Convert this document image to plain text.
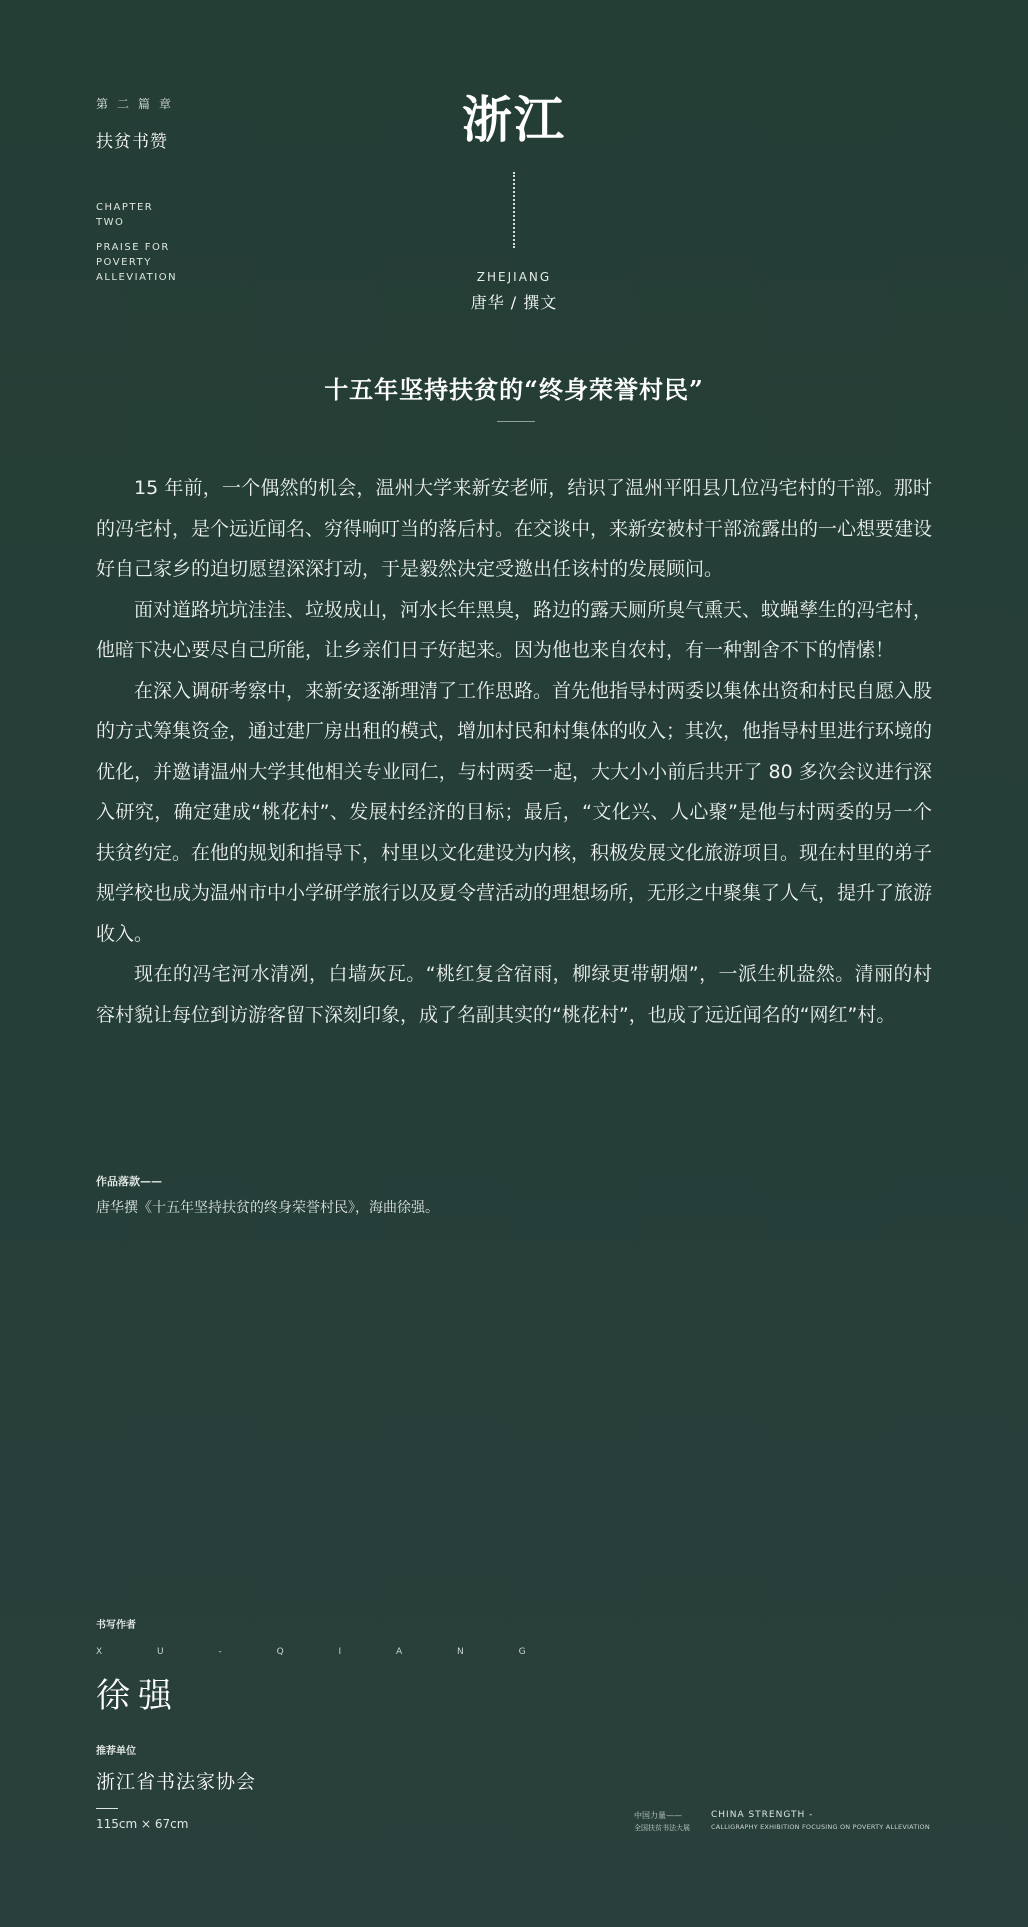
第二篇章
扶贫书赞
CHAPTER
TWO
PRAISE FOR
POVERTY
ALLEVIATION
浙江
ZHEJIANG
唐华 / 撰文
十五年坚持扶贫的“终身荣誉村民”

15 年前，一个偶然的机会，温州大学来新安老师，结识了温州平阳县几位冯宅村的干部。那时的冯宅村，是个远近闻名、穷得响叮当的落后村。在交谈中，来新安被村干部流露出的一心想要建设好自己家乡的迫切愿望深深打动，于是毅然决定受邀出任该村的发展顾问。

面对道路坑坑洼洼、垃圾成山，河水长年黑臭，路边的露天厕所臭气熏天、蚊蝇孳生的冯宅村，他暗下决心要尽自己所能，让乡亲们日子好起来。因为他也来自农村，有一种割舍不下的情愫！

在深入调研考察中，来新安逐渐理清了工作思路。首先他指导村两委以集体出资和村民自愿入股的方式筹集资金，通过建厂房出租的模式，增加村民和村集体的收入；其次，他指导村里进行环境的优化，并邀请温州大学其他相关专业同仁，与村两委一起，大大小小前后共开了 80 多次会议进行深入研究，确定建成“桃花村”、发展村经济的目标；最后，“文化兴、人心聚”是他与村两委的另一个扶贫约定。在他的规划和指导下，村里以文化建设为内核，积极发展文化旅游项目。现在村里的弟子规学校也成为温州市中小学研学旅行以及夏令营活动的理想场所，无形之中聚集了人气，提升了旅游收入。

现在的冯宅河水清冽，白墙灰瓦。“桃红复含宿雨，柳绿更带朝烟”，一派生机盎然。清丽的村容村貌让每位到访游客留下深刻印象，成了名副其实的“桃花村”，也成了远近闻名的“网红”村。

作品落款——
唐华撰《十五年坚持扶贫的终身荣誉村民》，海曲徐强。
书写作者
X U - Q I A N G
徐强
推荐单位
浙江省书法家协会
115cm × 67cm
中国力量——
全国扶贫书法大展
CHINA STRENGTH -
CALLIGRAPHY EXHIBITION FOCUSING ON POVERTY ALLEVIATION
